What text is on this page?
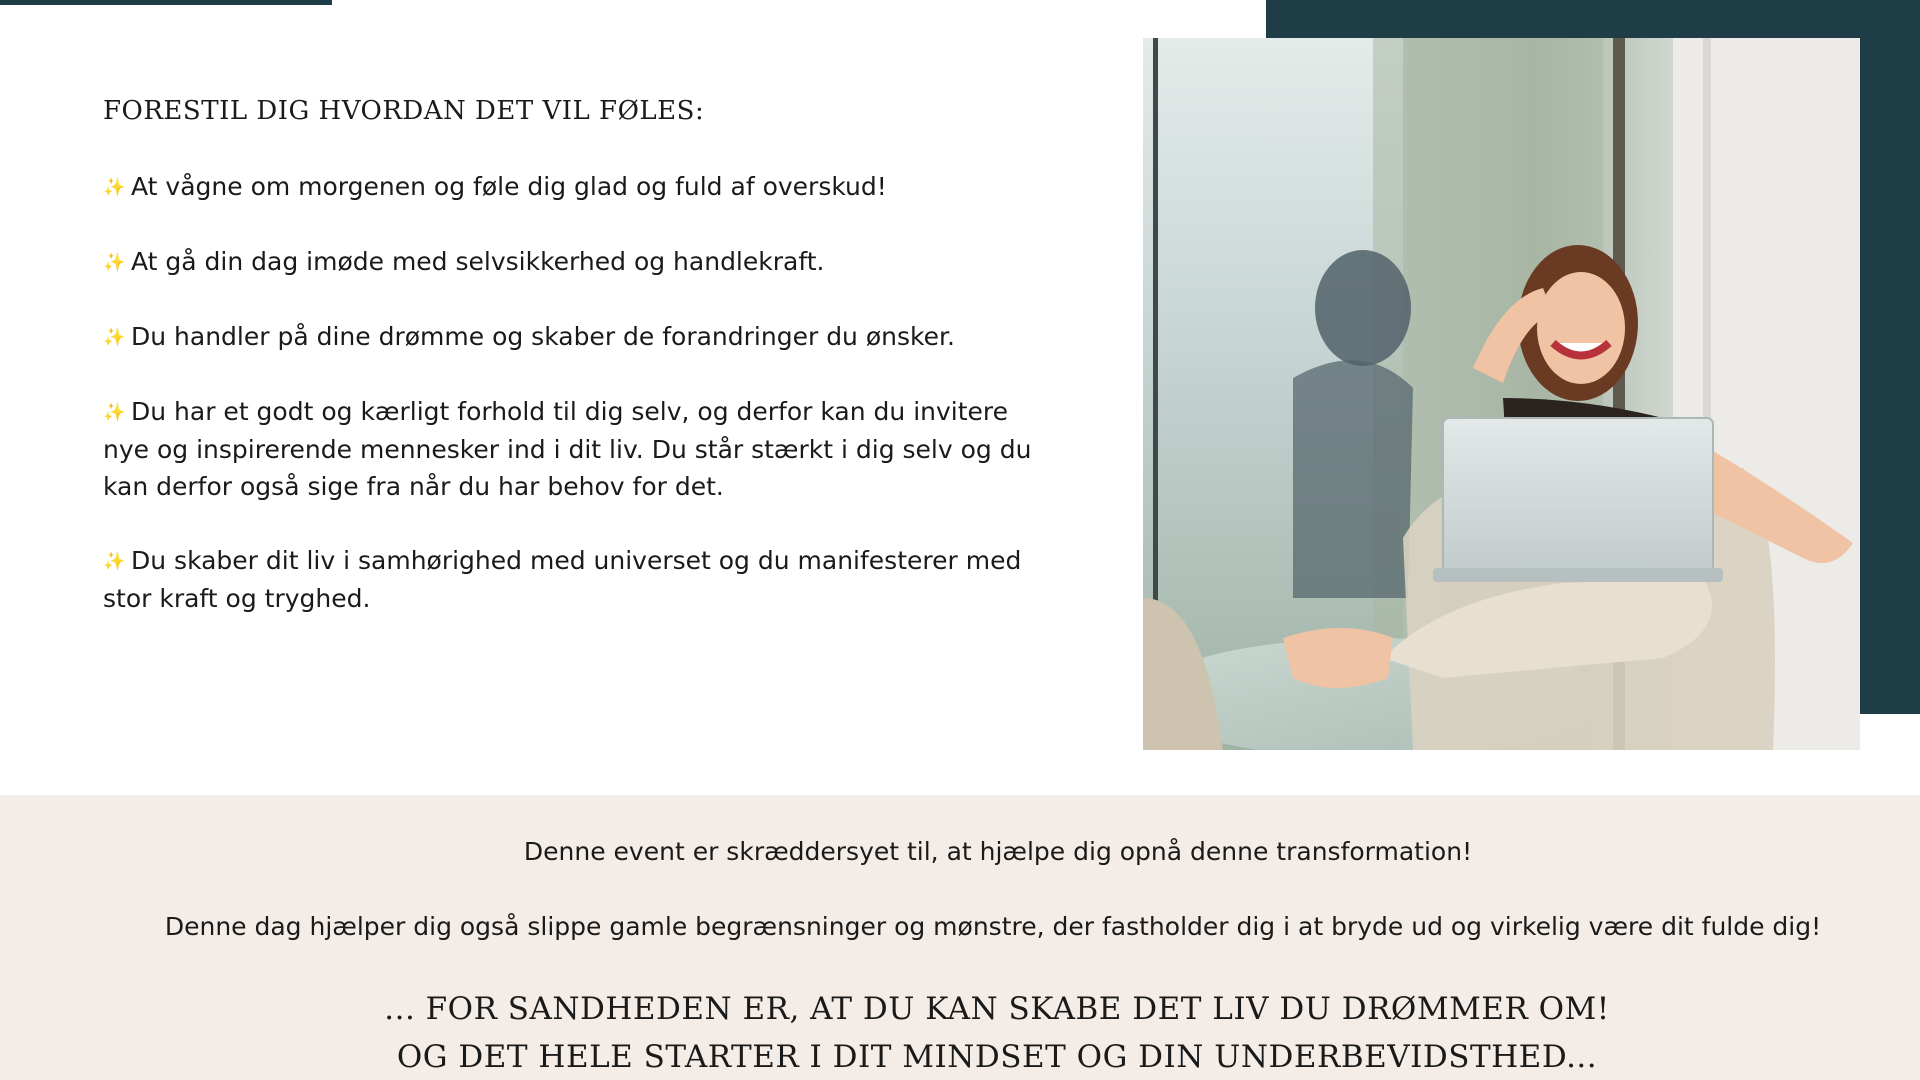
FORESTIL DIG HVORDAN DET VIL FØLES:
✨ At vågne om morgenen og føle dig glad og fuld af overskud!
✨ At gå din dag imøde med selvsikkerhed og handlekraft.
✨ Du handler på dine drømme og skaber de forandringer du ønsker.
✨ Du har et godt og kærligt forhold til dig selv, og derfor kan du invitere nye og inspirerende mennesker ind i dit liv. Du står stærkt i dig selv og du kan derfor også sige fra når du har behov for det.
✨ Du skaber dit liv i samhørighed med universet og du manifesterer med stor kraft og tryghed.
Denne event er skræddersyet til, at hjælpe dig opnå denne transformation!
Denne dag hjælper dig også slippe gamle begrænsninger og mønstre, der fastholder dig i at bryde ud og virkelig være dit fulde dig!
... FOR SANDHEDEN ER, AT DU KAN SKABE DET LIV DU DRØMMER OM!
OG DET HELE STARTER I DIT MINDSET OG DIN UNDERBEVIDSTHED...
